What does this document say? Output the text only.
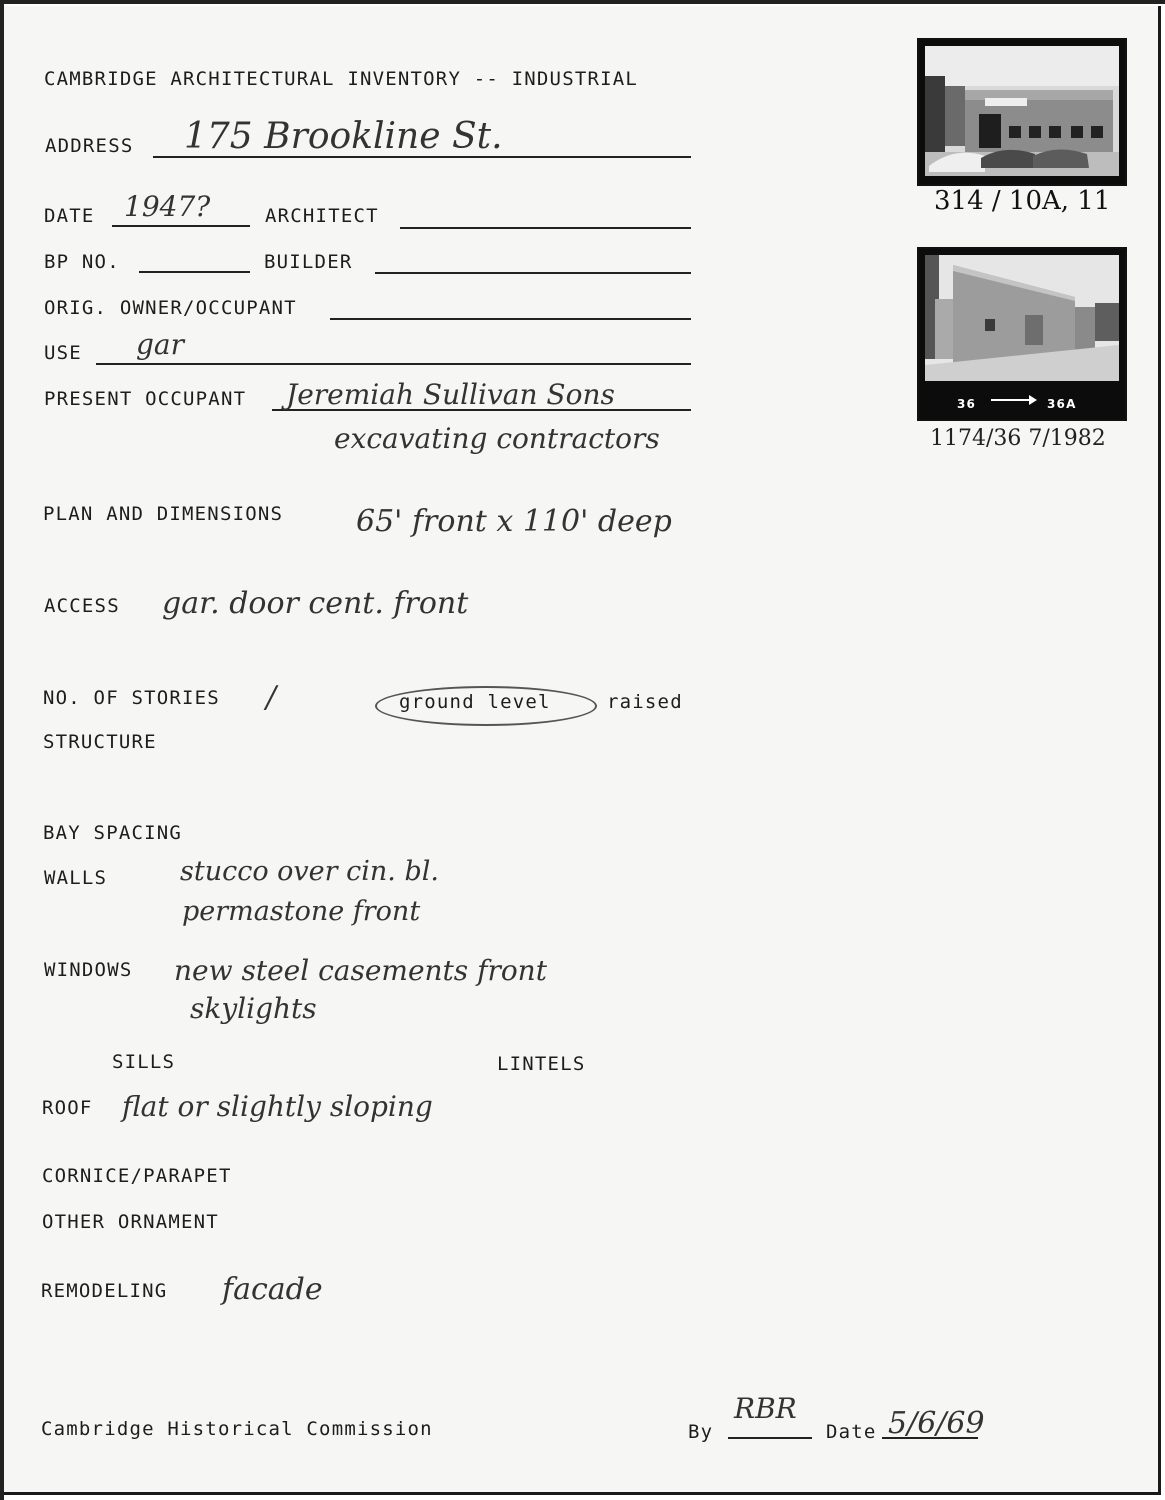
CAMBRIDGE ARCHITECTURAL INVENTORY -- INDUSTRIAL
ADDRESS 175 Brookline St.
DATE 1947?	ARCHITECT
BP NO.	BUILDER
ORIG. OWNER/OCCUPANT
USE gar
PRESENT OCCUPANT Jeremiah Sullivan Sons
excavating contractors
PLAN AND DIMENSIONS 65' front x 110' deep
ACCESS gar. door cent. front
NO. OF STORIES /	ground level	raised
STRUCTURE
BAY SPACING
WALLS	stucco over cin. bl.
permastone front
WINDOWS new steel casements front
skylights
SILLS	LINTELS
ROOF flat or slightly sloping
CORNICE/PARAPET
OTHER ORNAMENT
REMODELING facade
Cambridge Historical Commission	By
RBR
Date 5/6/69
314 / 10A, 11
36	36A
1174/36 7/1982
